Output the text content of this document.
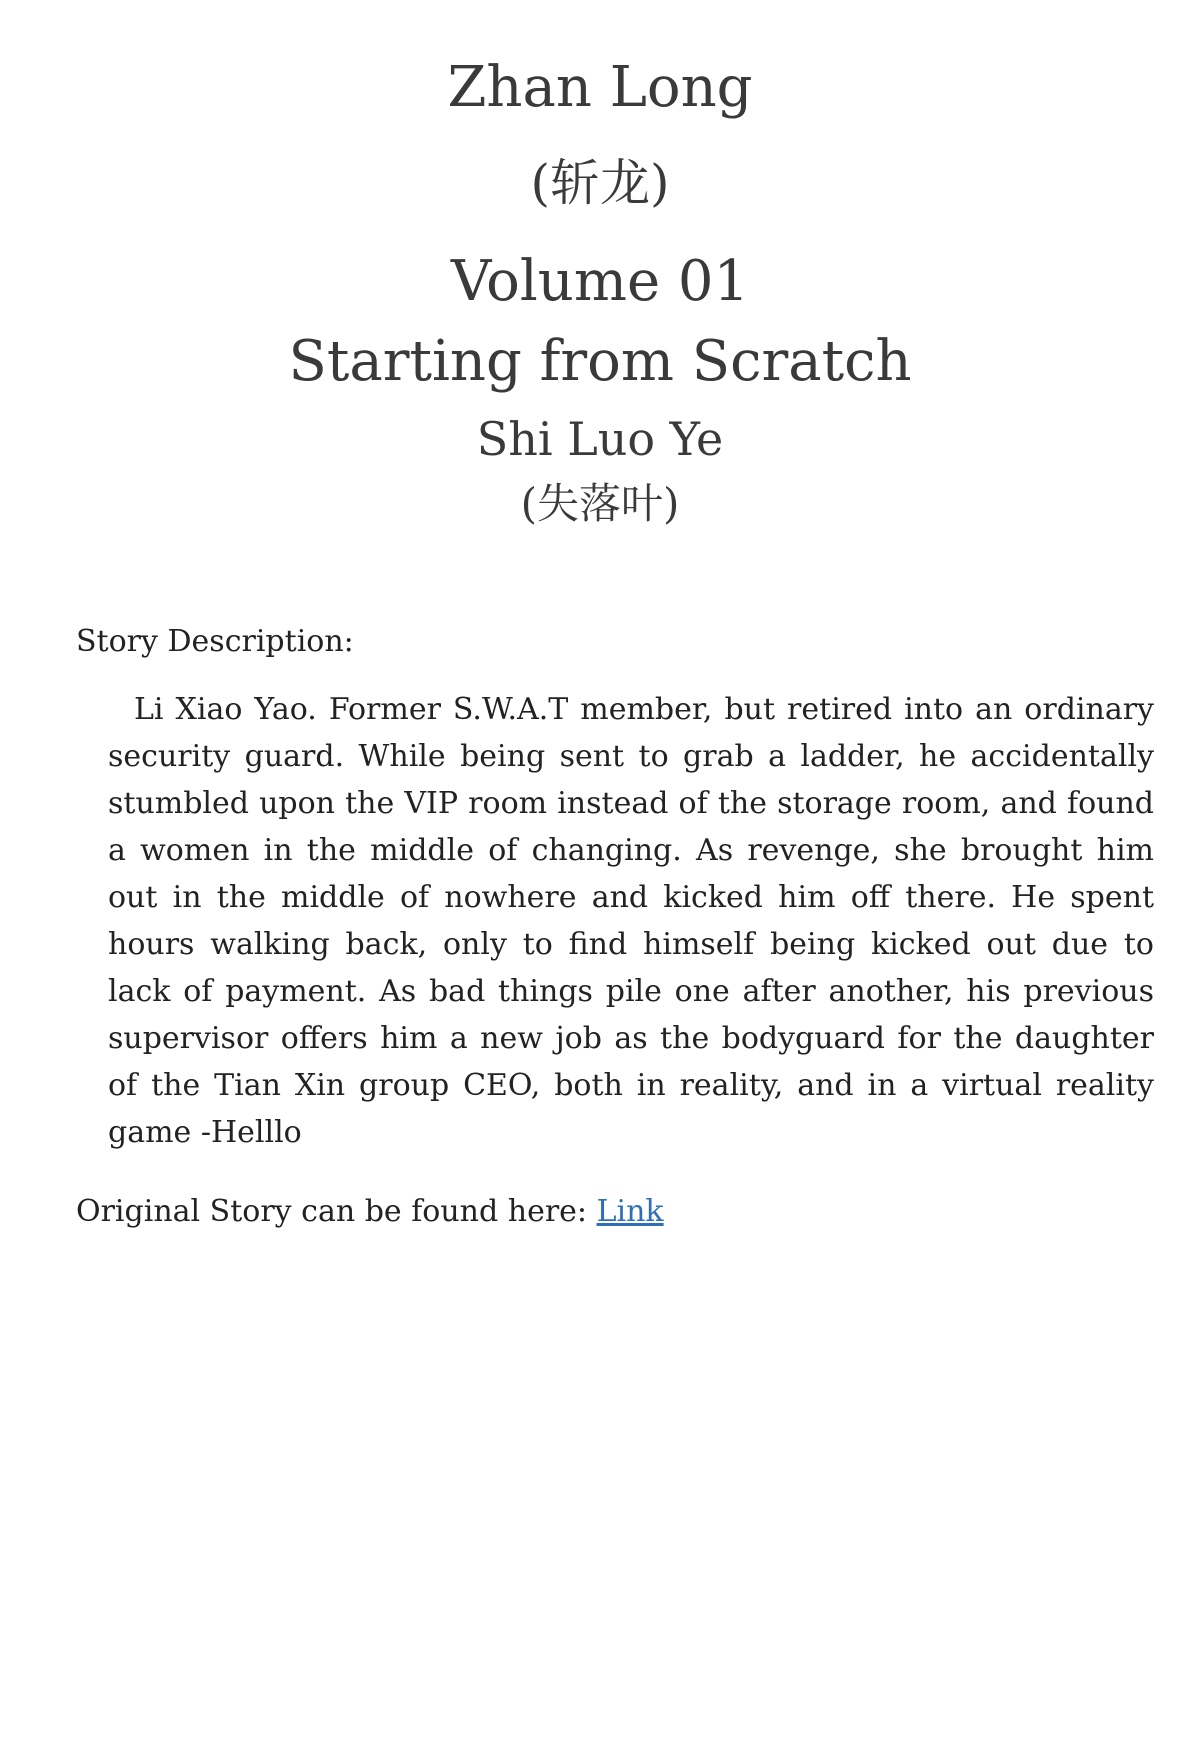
Zhan Long
(斩龙)
Volume 01
Starting from Scratch
Shi Luo Ye
(失落叶)
Story Description:

Li Xiao Yao. Former S.W.A.T member, but retired into an ordinary security guard. While being sent to grab a ladder, he accidentally stumbled upon the VIP room instead of the storage room, and found a women in the middle of changing. As revenge, she brought him out in the middle of nowhere and kicked him off there. He spent hours walking back, only to find himself being kicked out due to lack of payment. As bad things pile one after another, his previous supervisor offers him a new job as the bodyguard for the daughter of the Tian Xin group CEO, both in reality, and in a virtual reality game -Helllo

Original Story can be found here: Link
